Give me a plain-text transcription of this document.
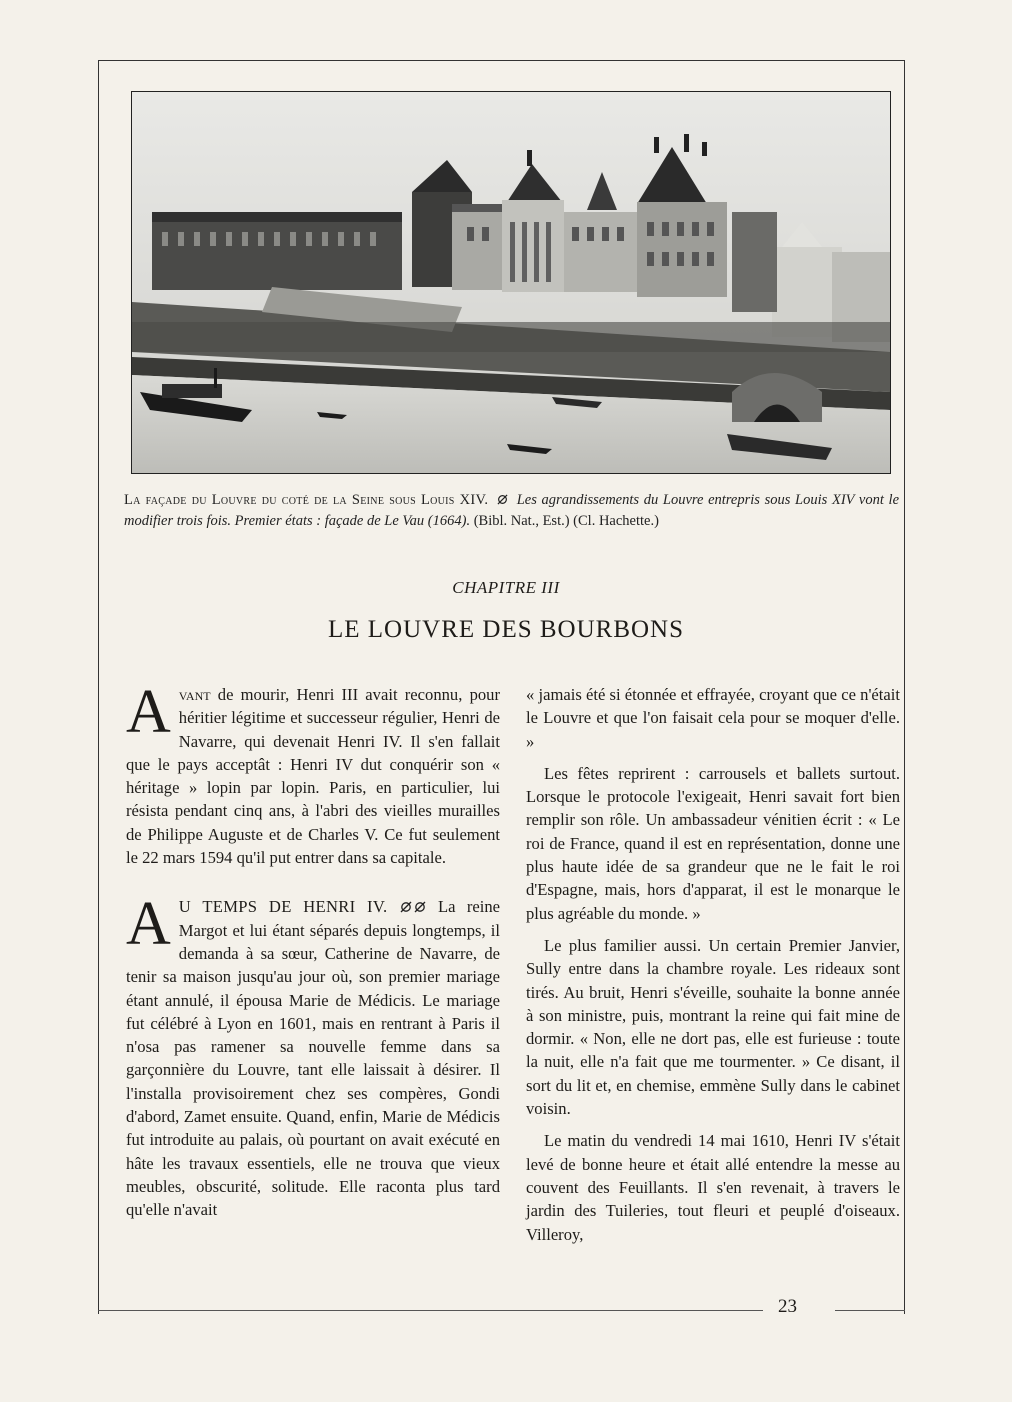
La façade du Louvre du coté de la Seine sous Louis XIV. Les agrandissements du Louvre entrepris sous Louis XIV vont le modifier trois fois. Premier états : façade de Le Vau (1664). (Bibl. Nat., Est.) (Cl. Hachette.)
CHAPITRE III
LE LOUVRE DES BOURBONS

Avant de mourir, Henri III avait reconnu, pour héritier légitime et successeur régulier, Henri de Navarre, qui devenait Henri IV. Il s'en fallait que le pays acceptât : Henri IV dut conquérir son « héritage » lopin par lopin. Paris, en particulier, lui résista pendant cinq ans, à l'abri des vieilles murailles de Philippe Auguste et de Charles V. Ce fut seulement le 22 mars 1594 qu'il put entrer dans sa capitale.

A U TEMPS DE HENRI IV.  La reine Margot et lui étant séparés depuis longtemps, il demanda à sa sœur, Catherine de Navarre, de tenir sa maison jusqu'au jour où, son premier mariage étant annulé, il épousa Marie de Médicis. Le mariage fut célébré à Lyon en 1601, mais en rentrant à Paris il n'osa pas ramener sa nouvelle femme dans sa garçonnière du Louvre, tant elle laissait à désirer. Il l'installa provisoirement chez ses compères, Gondi d'abord, Zamet ensuite. Quand, enfin, Marie de Médicis fut introduite au palais, où pourtant on avait exécuté en hâte les travaux essentiels, elle ne trouva que vieux meubles, obscurité, solitude. Elle raconta plus tard qu'elle n'avait

« jamais été si étonnée et effrayée, croyant que ce n'était le Louvre et que l'on faisait cela pour se moquer d'elle. »

Les fêtes reprirent : carrousels et ballets surtout. Lorsque le protocole l'exigeait, Henri savait fort bien remplir son rôle. Un ambassadeur vénitien écrit : « Le roi de France, quand il est en représentation, donne une plus haute idée de sa grandeur que ne le fait le roi d'Espagne, mais, hors d'apparat, il est le monarque le plus agréable du monde. »

Le plus familier aussi. Un certain Premier Janvier, Sully entre dans la chambre royale. Les rideaux sont tirés. Au bruit, Henri s'éveille, souhaite la bonne année à son ministre, puis, montrant la reine qui fait mine de dormir. « Non, elle ne dort pas, elle est furieuse : toute la nuit, elle n'a fait que me tourmenter. » Ce disant, il sort du lit et, en chemise, emmène Sully dans le cabinet voisin.

Le matin du vendredi 14 mai 1610, Henri IV s'était levé de bonne heure et était allé entendre la messe au couvent des Feuillants. Il s'en revenait, à travers le jardin des Tuileries, tout fleuri et peuplé d'oiseaux. Villeroy,

23
